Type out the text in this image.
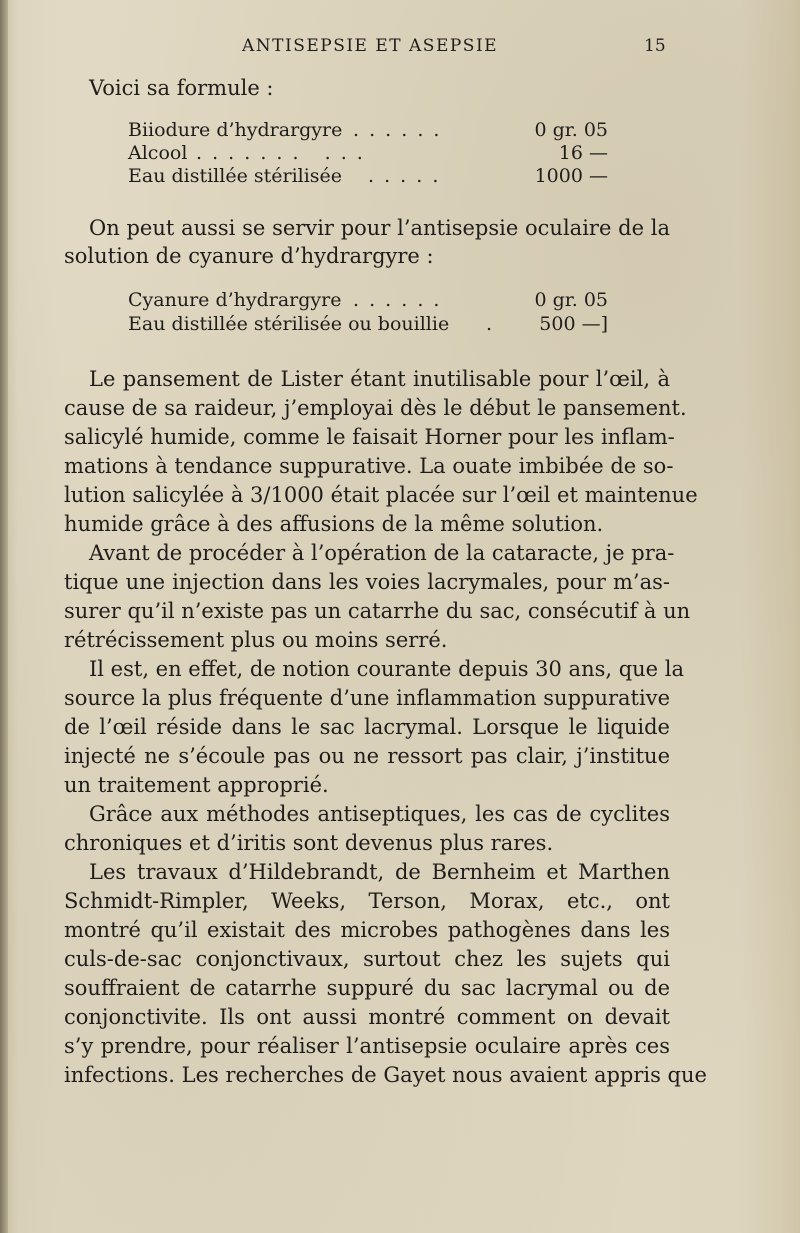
ANTISEPSIE ET ASEPSIE	15
Voici sa formule :
Biiodure d’hydrargyre . . . . . .	0 gr. 05
Alcool . . . . . . .   . . .	16 —
Eau distillée stérilisée . . . . .	1000 —
On peut aussi se servir pour l’antisepsie oculaire de la
solution de cyanure d’hydrargyre :
Cyanure d’hydrargyre . . . . . .	0 gr. 05
Eau distillée stérilisée ou bouillie .	500 —]
Le pansement de Lister étant inutilisable pour l’œil, à
cause de sa raideur, j’employai dès le début le pansement.
salicylé humide, comme le faisait Horner pour les inflam-
mations à tendance suppurative. La ouate imbibée de so-
lution salicylée à 3/1000 était placée sur l’œil et maintenue
humide grâce à des affusions de la même solution.
Avant de procéder à l’opération de la cataracte, je pra-
tique une injection dans les voies lacrymales, pour m’as-
surer qu’il n’existe pas un catarrhe du sac, consécutif à un
rétrécissement plus ou moins serré.
Il est, en effet, de notion courante depuis 30 ans, que la
source la plus fréquente d’une inflammation suppurative
de l’œil réside dans le sac lacrymal. Lorsque le liquide
injecté ne s’écoule pas ou ne ressort pas clair, j’institue
un traitement approprié.
Grâce aux méthodes antiseptiques, les cas de cyclites
chroniques et d’iritis sont devenus plus rares.
Les travaux d’Hildebrandt, de Bernheim et Marthen
Schmidt-Rimpler, Weeks, Terson, Morax, etc., ont
montré qu’il existait des microbes pathogènes dans les
culs-de-sac conjonctivaux, surtout chez les sujets qui
souffraient de catarrhe suppuré du sac lacrymal ou de
conjonctivite. Ils ont aussi montré comment on devait
s’y prendre, pour réaliser l’antisepsie oculaire après ces
infections. Les recherches de Gayet nous avaient appris que
